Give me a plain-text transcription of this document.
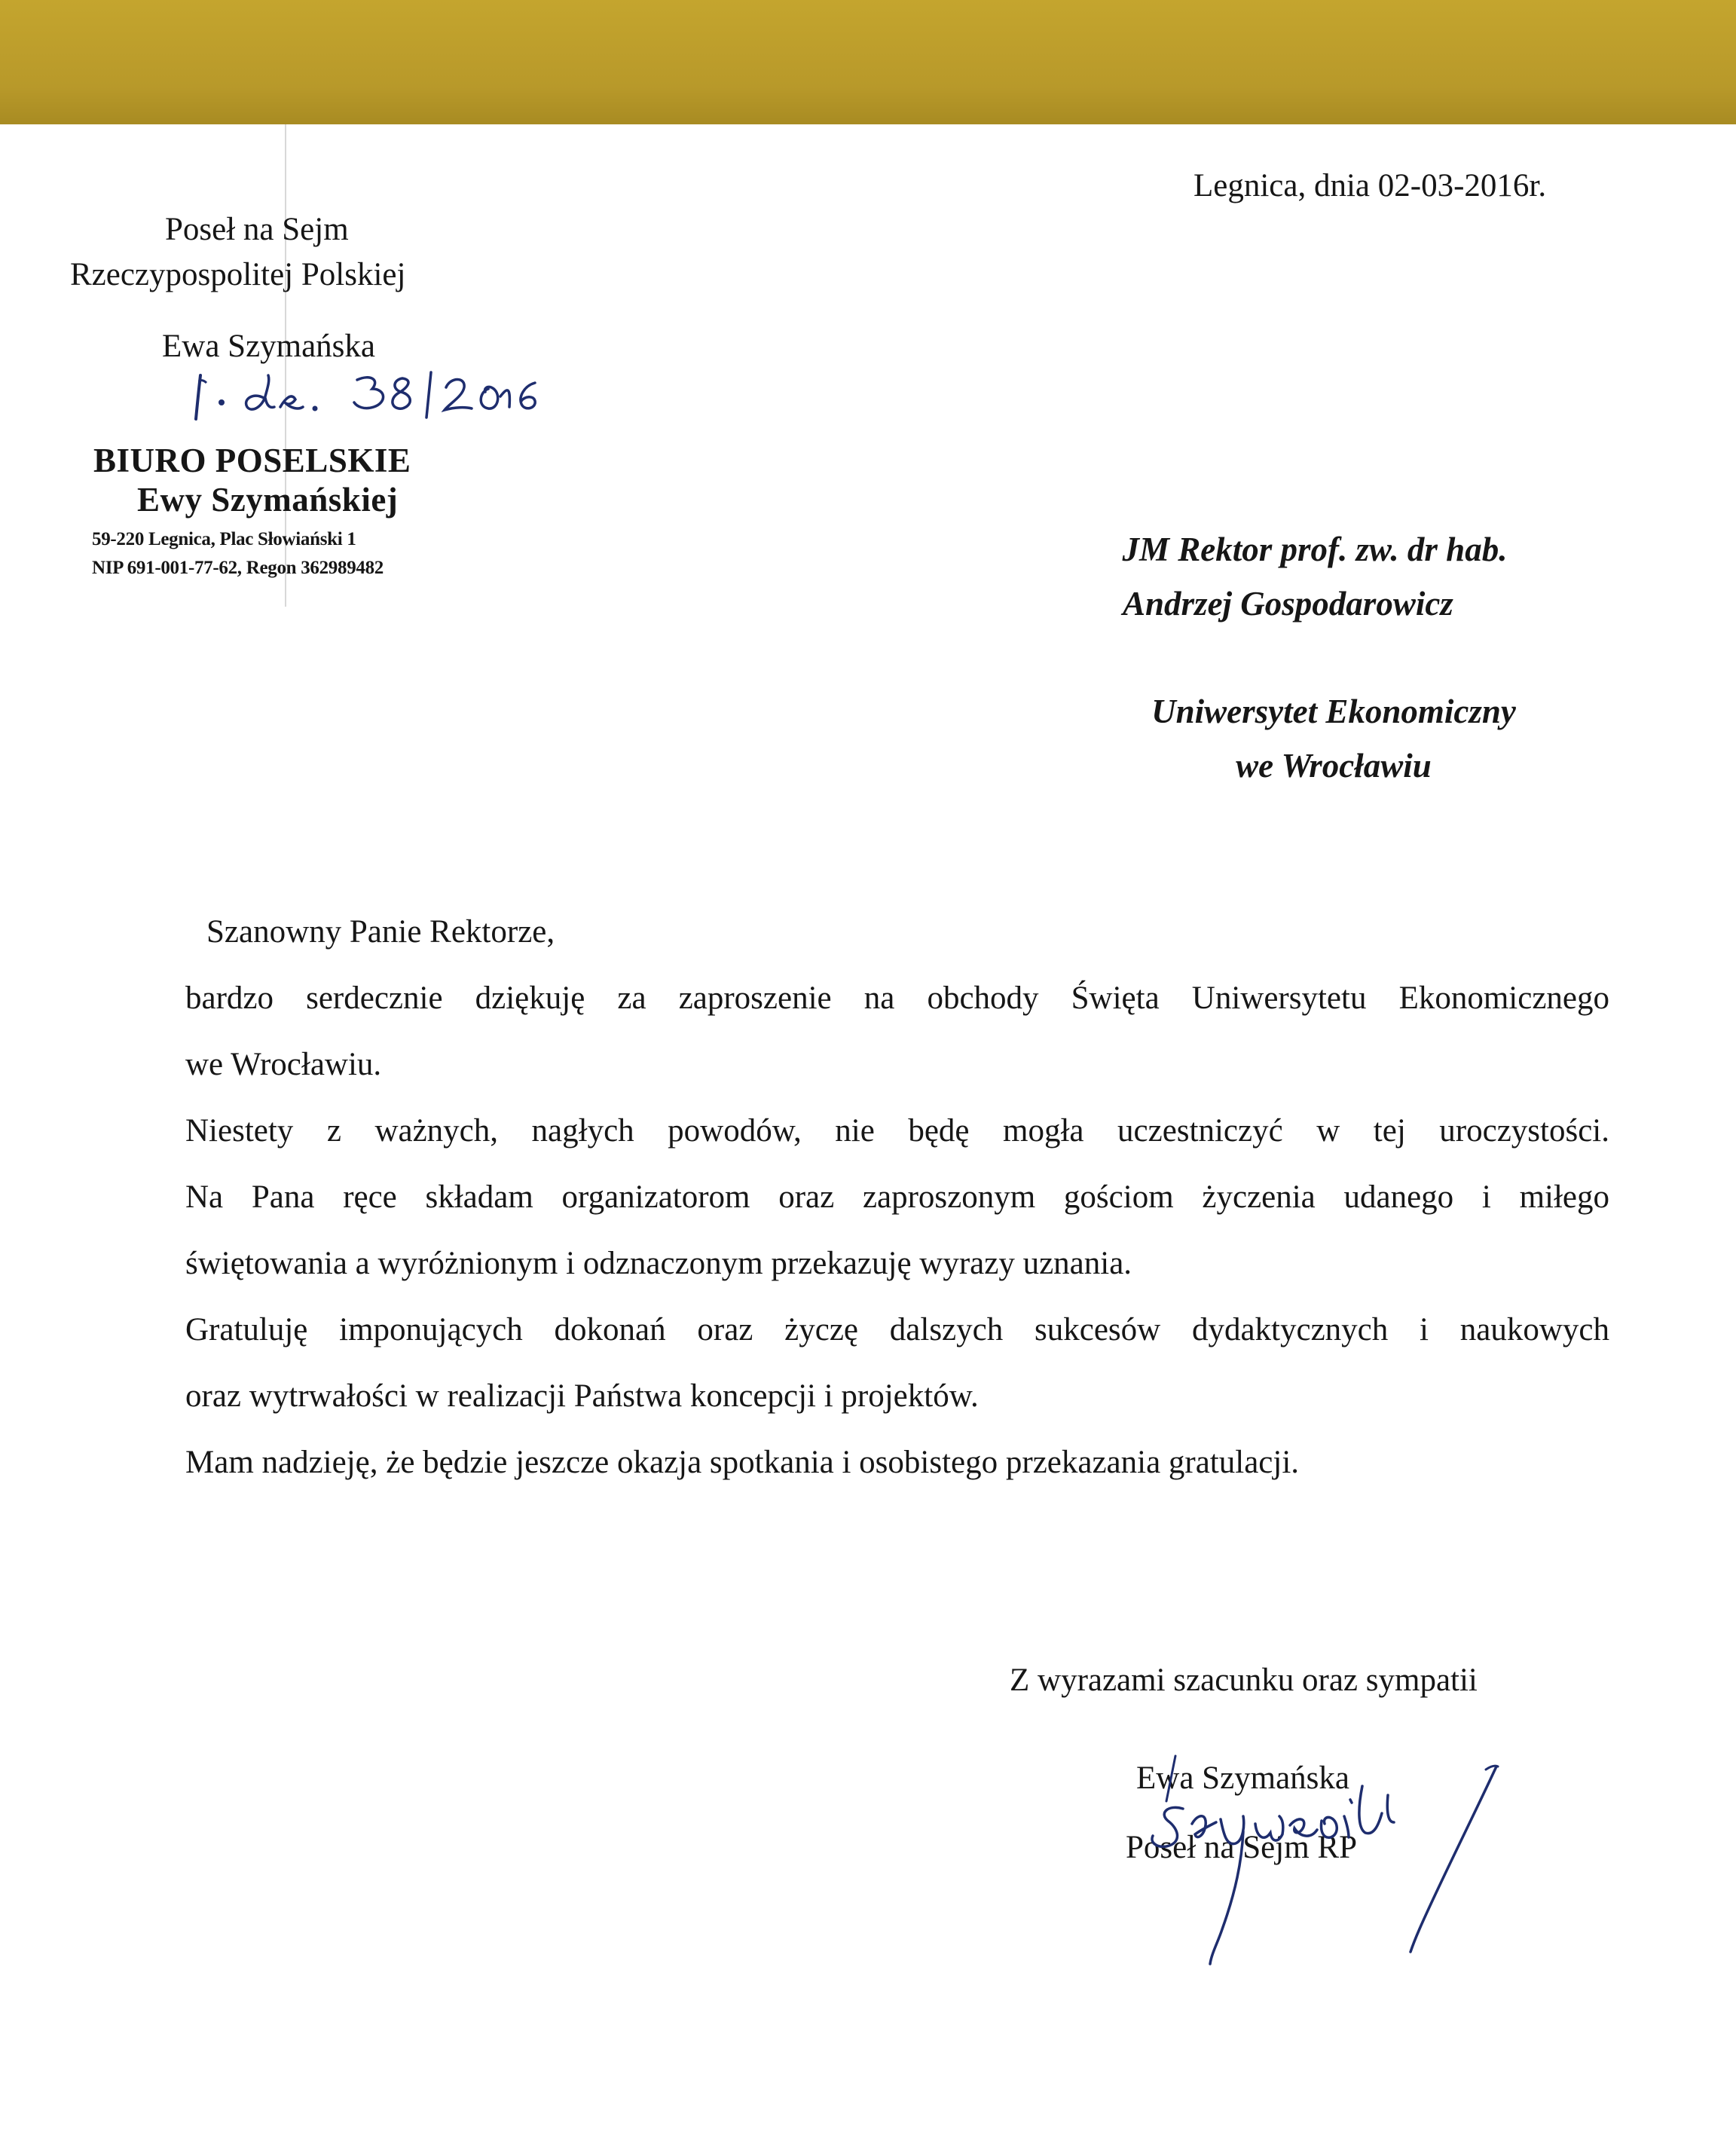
Poseł na Sejm
Rzeczypospolitej Polskiej
Ewa Szymańska
BIURO POSELSKIE
Ewy Szymańskiej
59-220 Legnica, Plac Słowiański 1
NIP 691-001-77-62, Regon 362989482
Legnica, dnia 02-03-2016r.
JM Rektor prof. zw. dr hab.
Andrzej Gospodarowicz
Uniwersytet Ekonomiczny
we Wrocławiu
Szanowny Panie Rektorze,
bardzo serdecznie dziękuję za zaproszenie na obchody Święta Uniwersytetu Ekonomicznego
we Wrocławiu.
Niestety z ważnych, nagłych powodów, nie będę mogła uczestniczyć w tej uroczystości.
Na Pana ręce składam organizatorom oraz zaproszonym gościom życzenia udanego i miłego
świętowania a wyróżnionym i odznaczonym przekazuję wyrazy uznania.
Gratuluję imponujących dokonań oraz życzę dalszych sukcesów dydaktycznych i naukowych
oraz wytrwałości w realizacji Państwa koncepcji i projektów.
Mam nadzieję, że będzie jeszcze okazja spotkania i osobistego przekazania gratulacji.
Z wyrazami szacunku oraz sympatii
Ewa Szymańska
Poseł na Sejm RP
